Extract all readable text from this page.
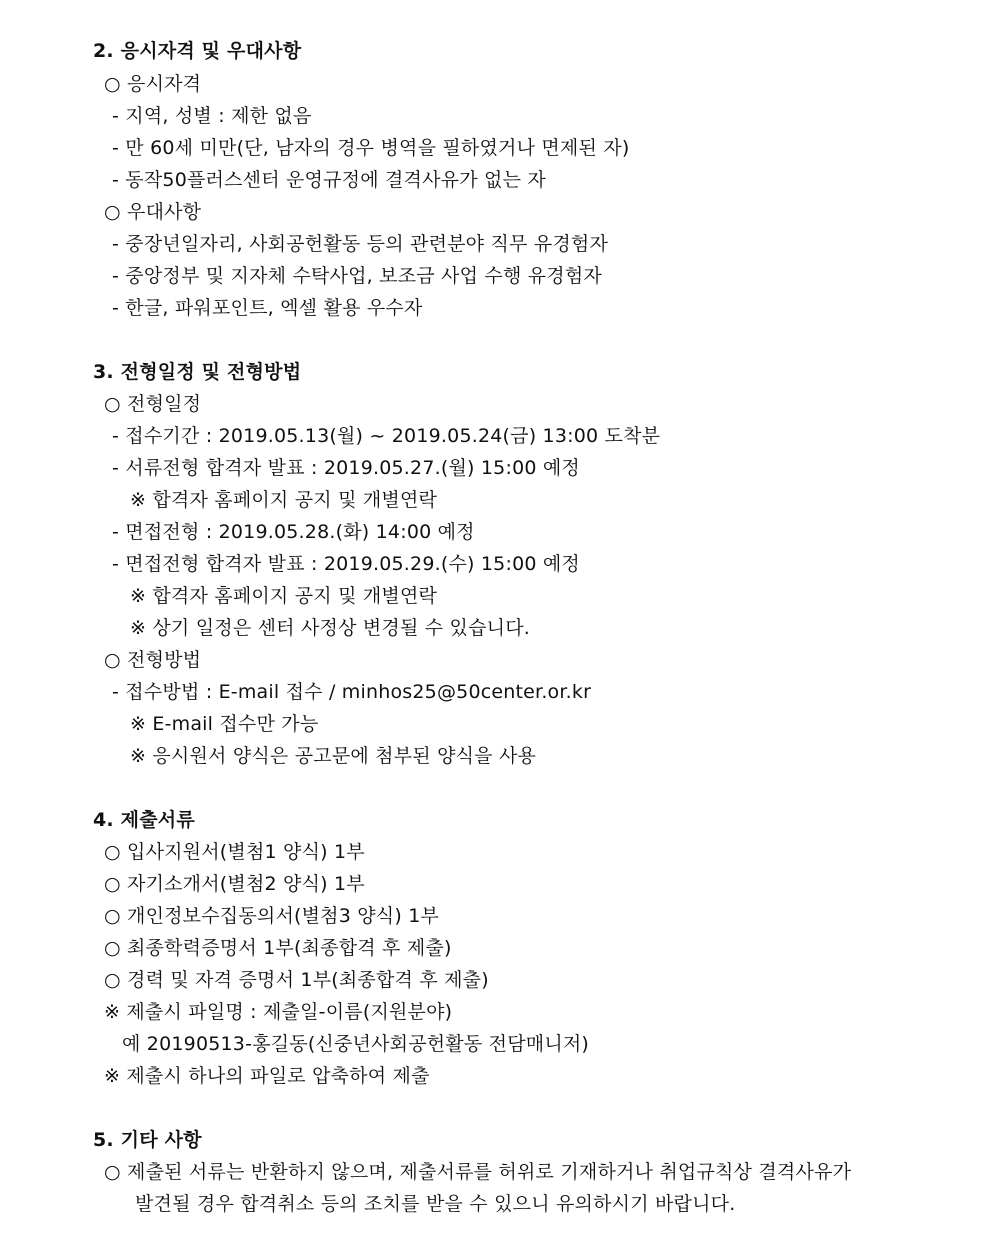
2. 응시자격 및 우대사항
○ 응시자격
- 지역, 성별 : 제한 없음
- 만 60세 미만(단, 남자의 경우 병역을 필하였거나 면제된 자)
- 동작50플러스센터 운영규정에 결격사유가 없는 자
○ 우대사항
- 중장년일자리, 사회공헌활동 등의 관련분야 직무 유경험자
- 중앙정부 및 지자체 수탁사업, 보조금 사업 수행 유경험자
- 한글, 파워포인트, 엑셀 활용 우수자
3. 전형일정 및 전형방법
○ 전형일정
- 접수기간 : 2019.05.13(월) ~ 2019.05.24(금) 13:00 도착분
- 서류전형 합격자 발표 : 2019.05.27.(월) 15:00 예정
※ 합격자 홈페이지 공지 및 개별연락
- 면접전형 : 2019.05.28.(화) 14:00 예정
- 면접전형 합격자 발표 : 2019.05.29.(수) 15:00 예정
※ 합격자 홈페이지 공지 및 개별연락
※ 상기 일정은 센터 사정상 변경될 수 있습니다.
○ 전형방법
- 접수방법 : E-mail 접수 / minhos25@50center.or.kr
※ E-mail 접수만 가능
※ 응시원서 양식은 공고문에 첨부된 양식을 사용
4. 제출서류
○ 입사지원서(별첨1 양식) 1부
○ 자기소개서(별첨2 양식) 1부
○ 개인정보수집동의서(별첨3 양식) 1부
○ 최종학력증명서 1부(최종합격 후 제출)
○ 경력 및 자격 증명서 1부(최종합격 후 제출)
※ 제출시 파일명 : 제출일-이름(지원분야)
예 20190513-홍길동(신중년사회공헌활동 전담매니저)
※ 제출시 하나의 파일로 압축하여 제출
5. 기타 사항
○ 제출된 서류는 반환하지 않으며, 제출서류를 허위로 기재하거나 취업규칙상 결격사유가
발견될 경우 합격취소 등의 조치를 받을 수 있으니 유의하시기 바랍니다.
